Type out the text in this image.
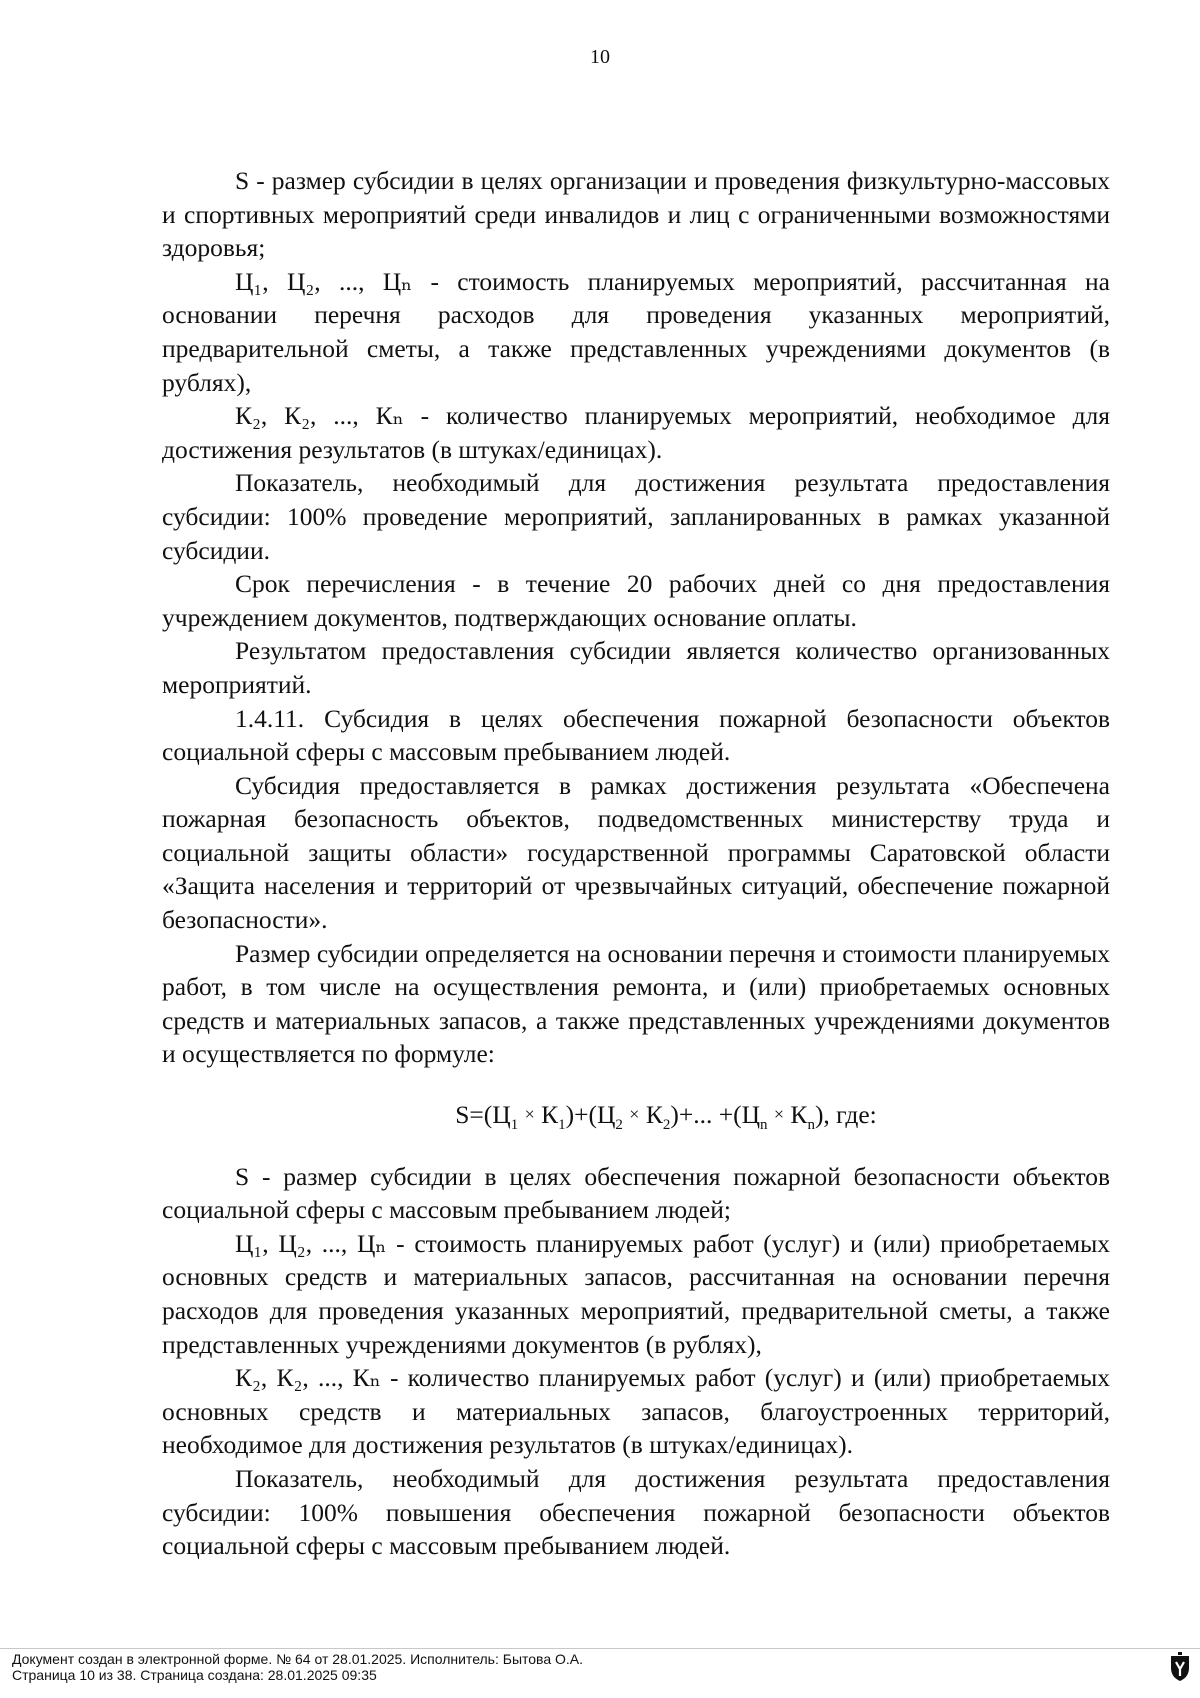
10

S - размер субсидии в целях организации и проведения физкультурно-массовых и спортивных мероприятий среди инвалидов и лиц с ограниченными возможностями здоровья;

Ц₁, Ц₂, ..., Цₙ - стоимость планируемых мероприятий, рассчитанная на основании перечня расходов для проведения указанных мероприятий, предварительной сметы, а также представленных учреждениями документов (в рублях),

К₂, К₂, ..., Кₙ - количество планируемых мероприятий, необходимое для достижения результатов (в штуках/единицах).

Показатель, необходимый для достижения результата предоставления субсидии: 100% проведение мероприятий, запланированных в рамках указанной субсидии.

Срок перечисления - в течение 20 рабочих дней со дня предоставления учреждением документов, подтверждающих основание оплаты.

Результатом предоставления субсидии является количество организованных мероприятий.

1.4.11. Субсидия в целях обеспечения пожарной безопасности объектов социальной сферы с массовым пребыванием людей.

Субсидия предоставляется в рамках достижения результата «Обеспечена пожарная безопасность объектов, подведомственных министерству труда и социальной защиты области» государственной программы Саратовской области «Защита населения и территорий от чрезвычайных ситуаций, обеспечение пожарной безопасности».

Размер субсидии определяется на основании перечня и стоимости планируемых работ, в том числе на осуществления ремонта, и (или) приобретаемых основных средств и материальных запасов, а также представленных учреждениями документов и осуществляется по формуле:

$S=(Ц_1 \times К_1)+(Ц_2 \times К_2)+$... $+(Ц_n \times К_n)$, где:

S - размер субсидии в целях обеспечения пожарной безопасности объектов социальной сферы с массовым пребыванием людей;

Ц₁, Ц₂, ..., Цₙ - стоимость планируемых работ (услуг) и (или) приобретаемых основных средств и материальных запасов, рассчитанная на основании перечня расходов для проведения указанных мероприятий, предварительной сметы, а также представленных учреждениями документов (в рублях),

К₂, К₂, ..., Кₙ - количество планируемых работ (услуг) и (или) приобретаемых основных средств и материальных запасов, благоустроенных территорий, необходимое для достижения результатов (в штуках/единицах).

Показатель, необходимый для достижения результата предоставления субсидии: 100% повышения обеспечения пожарной безопасности объектов социальной сферы с массовым пребыванием людей.

Документ создан в электронной форме. № 64 от 28.01.2025. Исполнитель: Бытова О.А.
Страница 10 из 38. Страница создана: 28.01.2025 09:35
